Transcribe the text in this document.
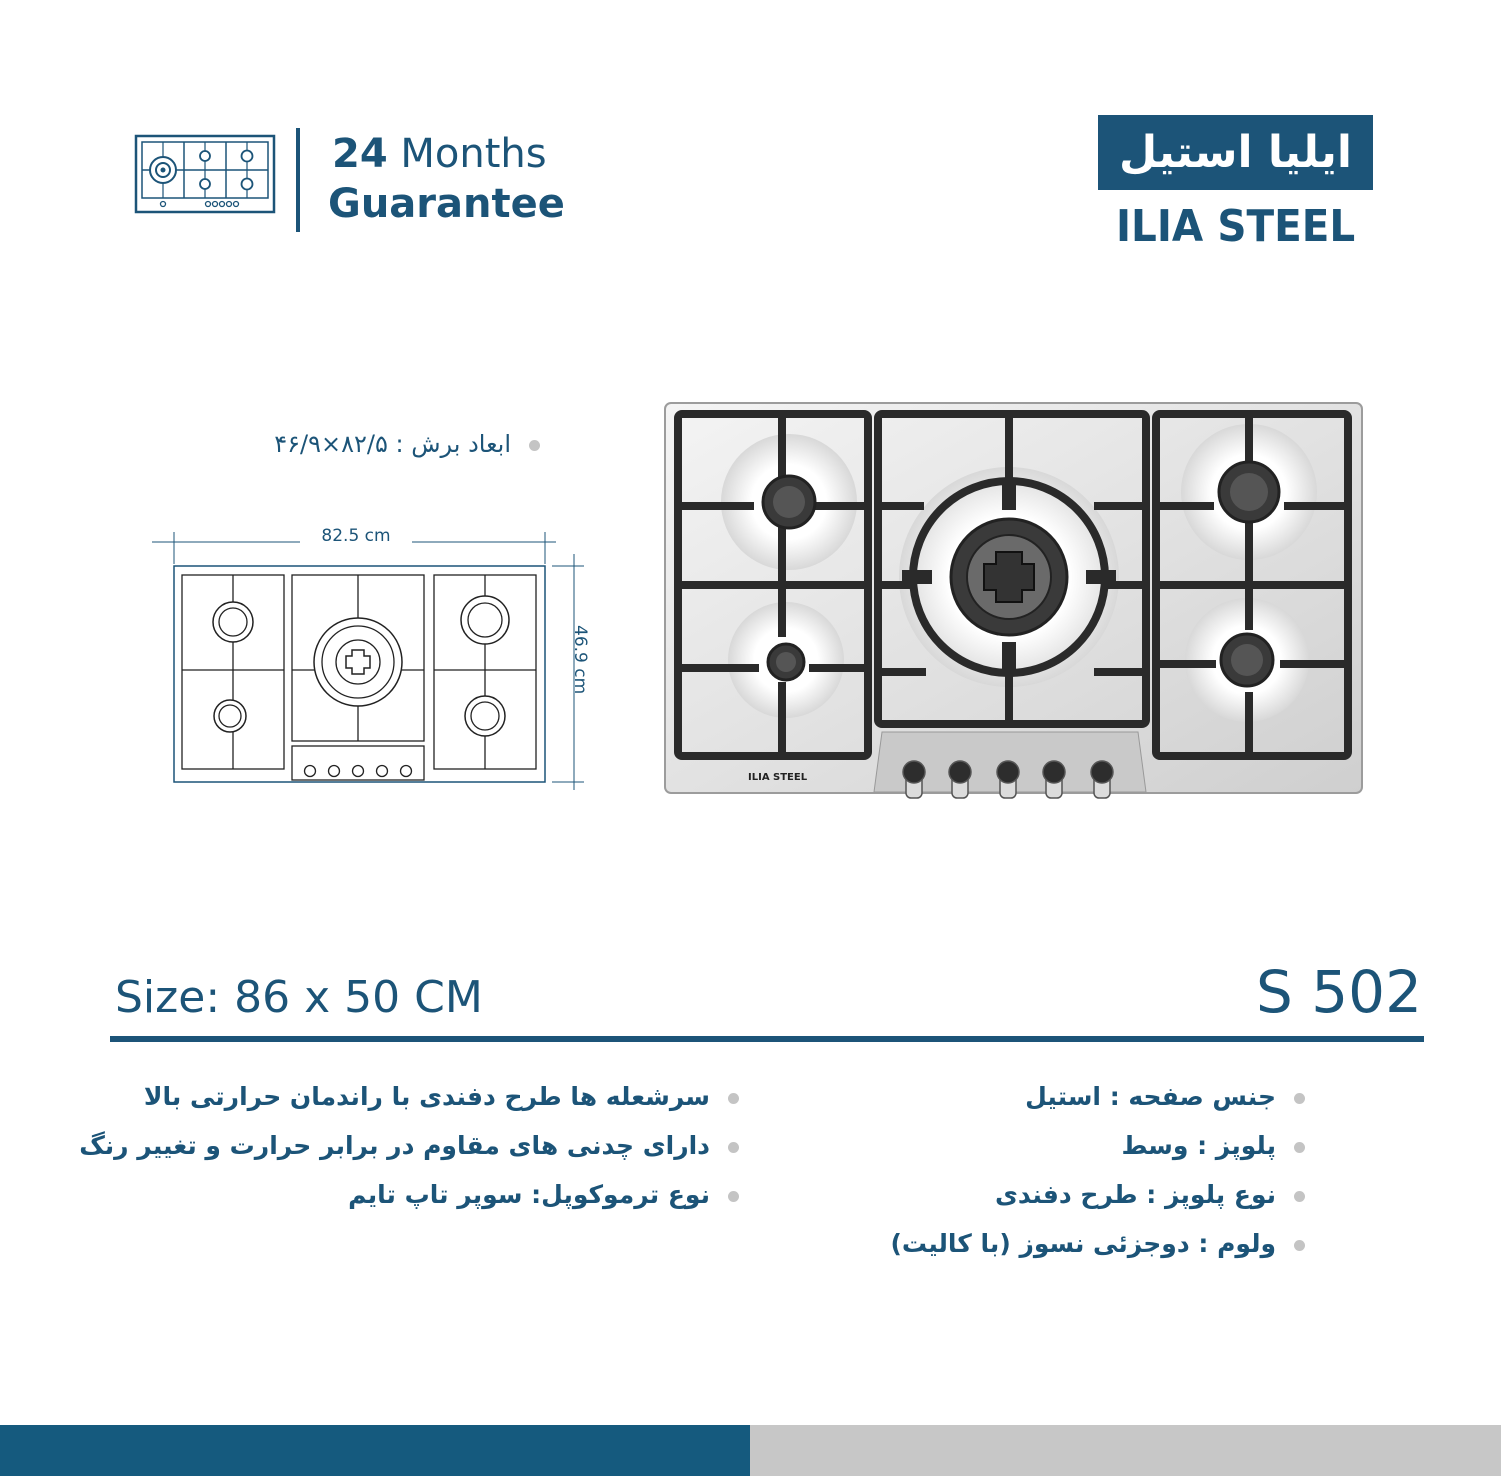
24 Months
Guarantee
ایلیا استیل
ILIA STEEL
ابعاد برش : ۸۲/۵×۴۶/۹
82.5 cm
46.9 cm
ILIA STEEL
Size: 86 x 50 CM	S 502
جنس صفحه : استیل
پلوپز : وسط
نوع پلوپز : طرح دفندی
ولوم : دوجزئی نسوز (با کالیت)
سرشعله ها طرح دفندی با راندمان حرارتی بالا
دارای چدنی های مقاوم در برابر حرارت و تغییر رنگ
نوع ترموکوپل: سوپر تاپ تایم
